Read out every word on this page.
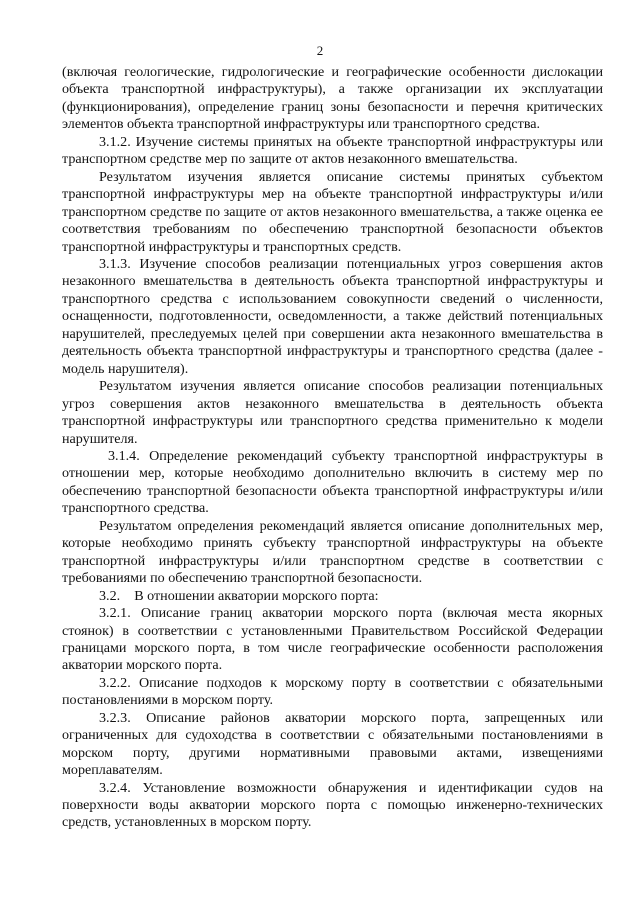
2

(включая геологические, гидрологические и географические особенности дислокации объекта транспортной инфраструктуры), а также организации их эксплуатации (функционирования), определение границ зоны безопасности и перечня критических элементов объекта транспортной инфраструктуры или транспортного средства.

3.1.2. Изучение системы принятых на объекте транспортной инфраструктуры или транспортном средстве мер по защите от актов незаконного вмешательства.

Результатом изучения является описание системы принятых субъектом транспортной инфраструктуры мер на объекте транспортной инфраструктуры и/или транспортном средстве по защите от актов незаконного вмешательства, а также оценка ее соответствия требованиям по обеспечению транспортной безопасности объектов транспортной инфраструктуры и транспортных средств.

3.1.3. Изучение способов реализации потенциальных угроз совершения актов незаконного вмешательства в деятельность объекта транспортной инфраструктуры и транспортного средства с использованием совокупности сведений о численности, оснащенности, подготовленности, осведомленности, а также действий потенциальных нарушителей, преследуемых целей при совершении акта незаконного вмешательства в деятельность объекта транспортной инфраструктуры и транспортного средства (далее - модель нарушителя).

Результатом изучения является описание способов реализации потенциальных угроз совершения актов незаконного вмешательства в деятельность объекта транспортной инфраструктуры или транспортного средства применительно к модели нарушителя.

3.1.4. Определение рекомендаций субъекту транспортной инфраструктуры в отношении мер, которые необходимо дополнительно включить в систему мер по обеспечению транспортной безопасности объекта транспортной инфраструктуры и/или транспортного средства.

Результатом определения рекомендаций является описание дополнительных мер, которые необходимо принять субъекту транспортной инфраструктуры на объекте транспортной инфраструктуры и/или транспортном средстве в соответствии с требованиями по обеспечению транспортной безопасности.

3.2.    В отношении акватории морского порта:

3.2.1. Описание границ акватории морского порта (включая места якорных стоянок) в соответствии с установленными Правительством Российской Федерации границами морского порта, в том числе географические особенности расположения акватории морского порта.

3.2.2. Описание подходов к морскому порту в соответствии с обязательными постановлениями в морском порту.

3.2.3. Описание районов акватории морского порта, запрещенных или ограниченных для судоходства в соответствии с обязательными постановлениями в морском порту, другими нормативными правовыми актами, извещениями мореплавателям.

3.2.4. Установление возможности обнаружения и идентификации судов на поверхности воды акватории морского порта с помощью инженерно-технических средств, установленных в морском порту.
